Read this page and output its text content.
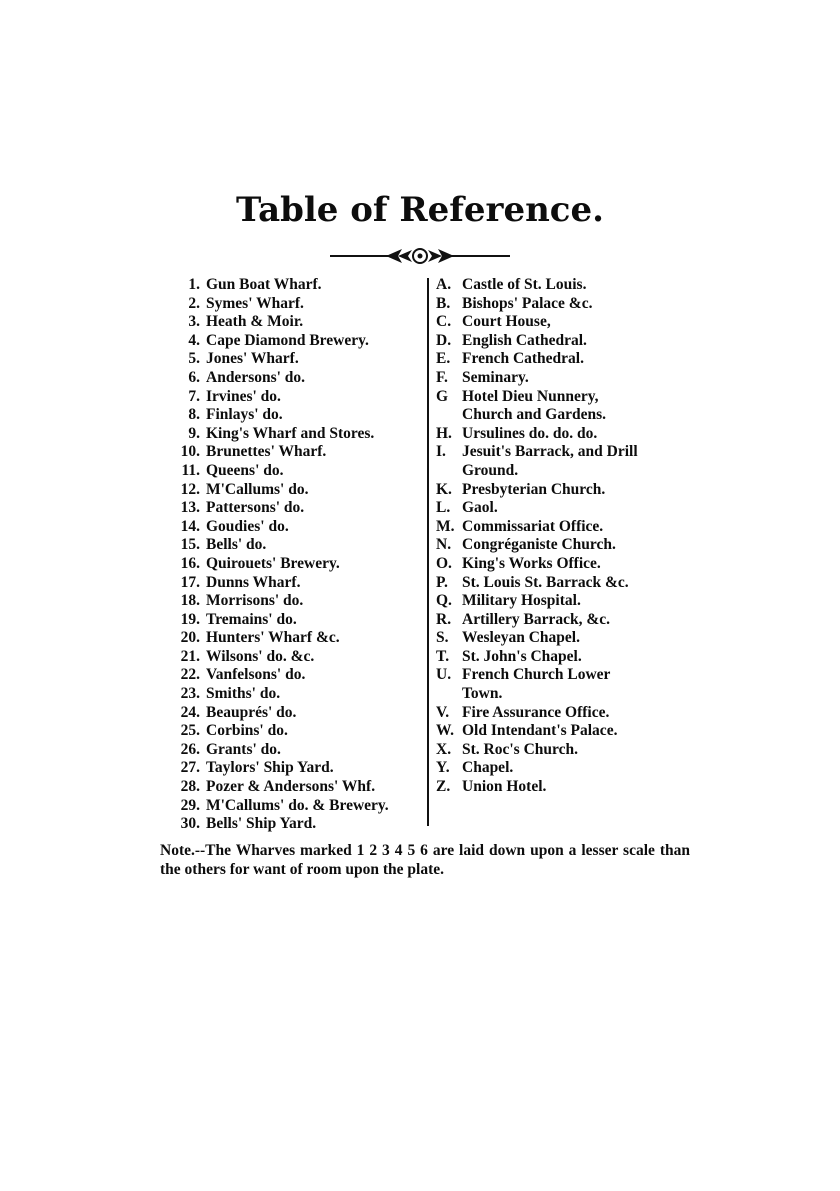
Table of Reference.
1. Gun Boat Wharf.
2. Symes' Wharf.
3. Heath & Moir.
4. Cape Diamond Brewery.
5. Jones' Wharf.
6. Andersons' do.
7. Irvines' do.
8. Finlays' do.
9. King's Wharf and Stores.
10. Brunettes' Wharf.
11. Queens' do.
12. M'Callums' do.
13. Pattersons' do.
14. Goudies' do.
15. Bells' do.
16. Quirouets' Brewery.
17. Dunns Wharf.
18. Morrisons' do.
19. Tremains' do.
20. Hunters' Wharf &c.
21. Wilsons' do. &c.
22. Vanfelsons' do.
23. Smiths' do.
24. Beauprés' do.
25. Corbins' do.
26. Grants' do.
27. Taylors' Ship Yard.
28. Pozer & Andersons' Whf.
29. M'Callums' do. & Brewery.
30. Bells' Ship Yard.
A. Castle of St. Louis.
B. Bishops' Palace &c.
C. Court House,
D. English Cathedral.
E. French Cathedral.
F. Seminary.
G Hotel Dieu Nunnery,
Church and Gardens.
H. Ursulines do. do. do.
I.	Jesuit's Barrack, and Drill
Ground.
K. Presbyterian Church.
L. Gaol.
M. Commissariat Office.
N. Congréganiste Church.
O. King's Works Office.
P. St. Louis St. Barrack &c.
Q. Military Hospital.
R. Artillery Barrack, &c.
S. Wesleyan Chapel.
T. St. John's Chapel.
U. French Church Lower
Town.
V. Fire Assurance Office.
W. Old Intendant's Palace.
X. St. Roc's Church.
Y. Chapel.
Z. Union Hotel.
Note.--The Wharves marked 1 2 3 4 5 6 are laid down upon a lesser scale than the others for want of room upon the plate.
